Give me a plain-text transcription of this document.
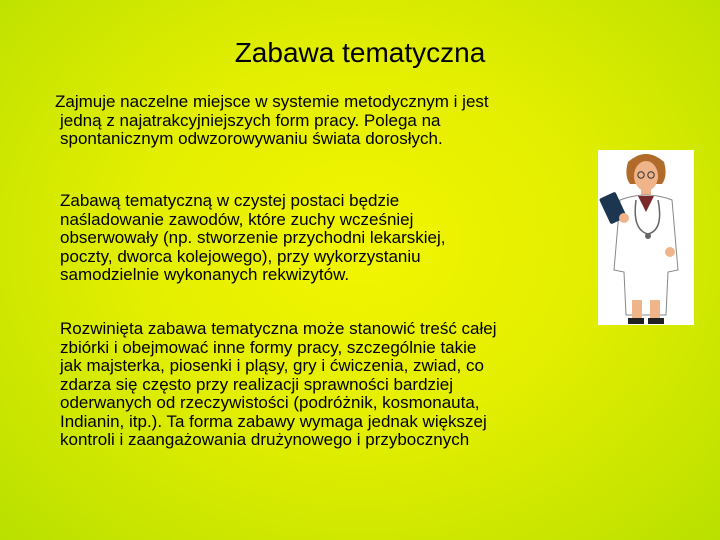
Zabawa tematyczna

Zajmuje naczelne miejsce w systemie metodycznym i jest
jedną z najatrakcyjniejszych form pracy. Polega na
spontanicznym odwzorowywaniu świata dorosłych.

Zabawą tematyczną w czystej postaci będzie
naśladowanie zawodów, które zuchy wcześniej
obserwowały (np. stworzenie przychodni lekarskiej,
poczty, dworca kolejowego), przy wykorzystaniu
samodzielnie wykonanych rekwizytów.

Rozwinięta zabawa tematyczna może stanowić treść całej
zbiórki i obejmować inne formy pracy, szczególnie takie
jak majsterka, piosenki i pląsy, gry i ćwiczenia, zwiad, co
zdarza się często przy realizacji sprawności bardziej
oderwanych od rzeczywistości (podróżnik, kosmonauta,
Indianin, itp.). Ta forma zabawy wymaga jednak większej
kontroli i zaangażowania drużynowego i przybocznych
